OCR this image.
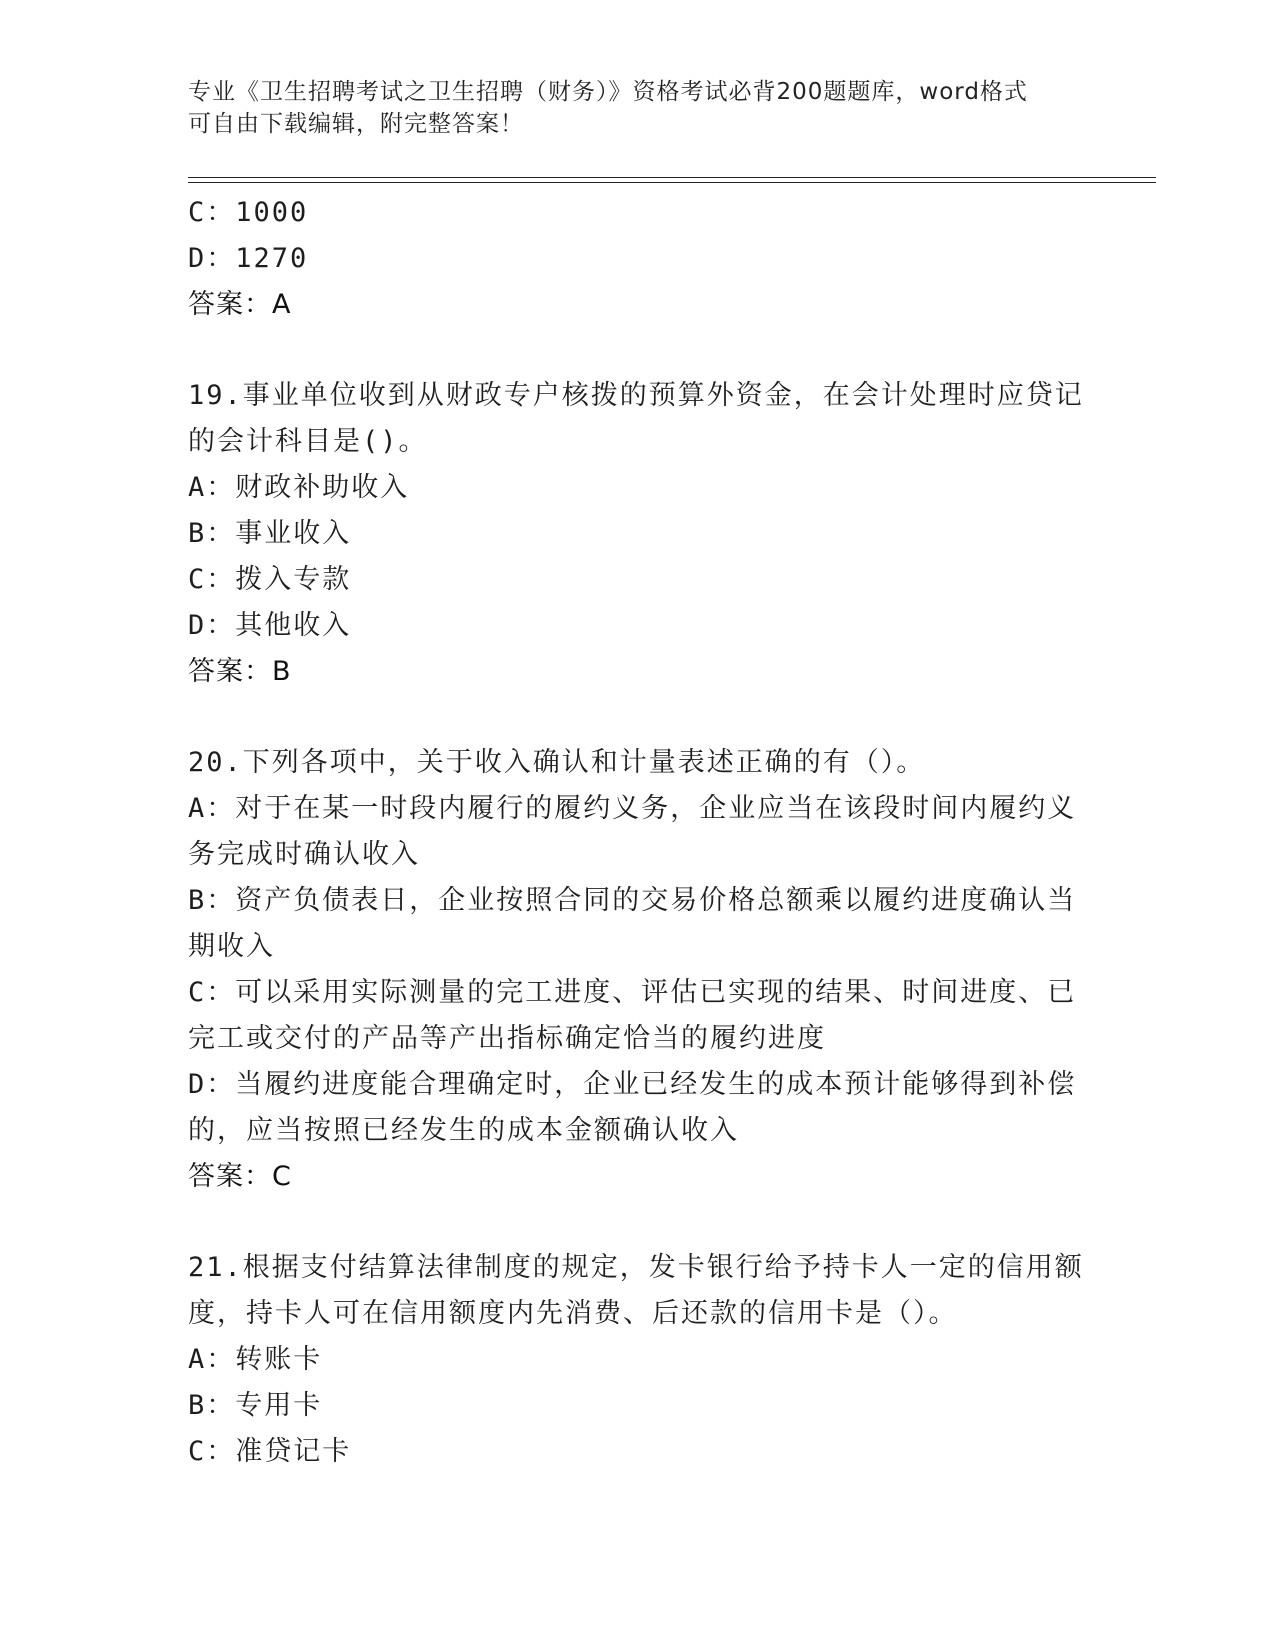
专业《卫生招聘考试之卫生招聘（财务）》资格考试必背200题题库，word格式
可自由下载编辑，附完整答案！
C：1000
D：1270
答案：A
19.事业单位收到从财政专户核拨的预算外资金，在会计处理时应贷记
的会计科目是()。
A：财政补助收入
B：事业收入
C：拨入专款
D：其他收入
答案：B
20.下列各项中，关于收入确认和计量表述正确的有（）。
A：对于在某一时段内履行的履约义务，企业应当在该段时间内履约义
务完成时确认收入
B：资产负债表日，企业按照合同的交易价格总额乘以履约进度确认当
期收入
C：可以采用实际测量的完工进度、评估已实现的结果、时间进度、已
完工或交付的产品等产出指标确定恰当的履约进度
D：当履约进度能合理确定时，企业已经发生的成本预计能够得到补偿
的，应当按照已经发生的成本金额确认收入
答案：C
21.根据支付结算法律制度的规定，发卡银行给予持卡人一定的信用额
度，持卡人可在信用额度内先消费、后还款的信用卡是（）。
A：转账卡
B：专用卡
C：准贷记卡
